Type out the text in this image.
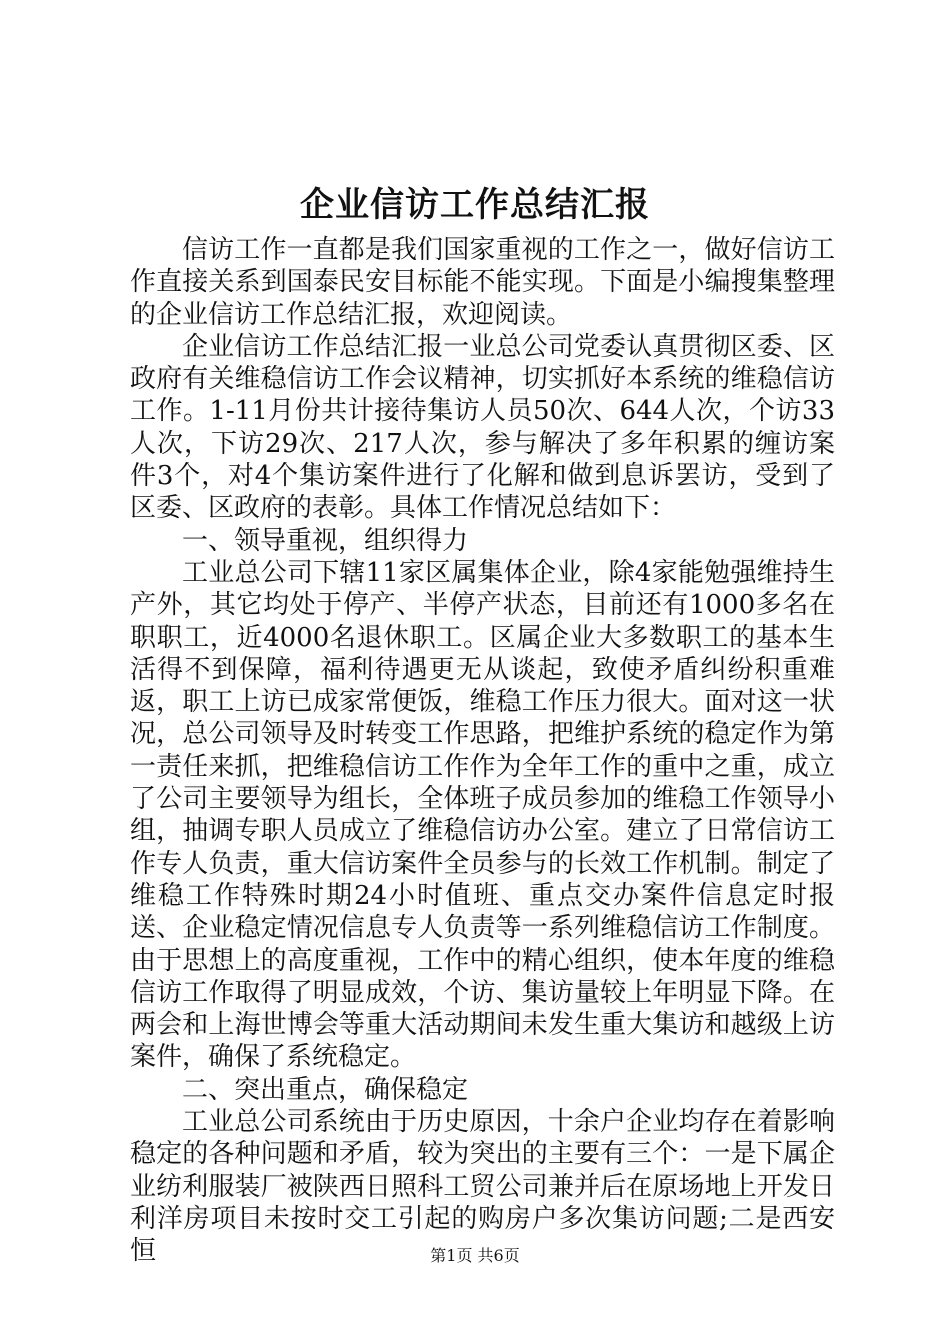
企业信访工作总结汇报

信访工作一直都是我们国家重视的工作之一，做好信访工作直接关系到国泰民安目标能不能实现。下面是小编搜集整理的企业信访工作总结汇报，欢迎阅读。

企业信访工作总结汇报一业总公司党委认真贯彻区委、区政府有关维稳信访工作会议精神，切实抓好本系统的维稳信访工作。1-11月份共计接待集访人员50次、644人次，个访33人次，下访29次、217人次，参与解决了多年积累的缠访案件3个，对4个集访案件进行了化解和做到息诉罢访，受到了区委、区政府的表彰。具体工作情况总结如下：

一、领导重视，组织得力

工业总公司下辖11家区属集体企业，除4家能勉强维持生产外，其它均处于停产、半停产状态，目前还有1000多名在职职工，近4000名退休职工。区属企业大多数职工的基本生活得不到保障，福利待遇更无从谈起，致使矛盾纠纷积重难返，职工上访已成家常便饭，维稳工作压力很大。面对这一状况，总公司领导及时转变工作思路，把维护系统的稳定作为第一责任来抓，把维稳信访工作作为全年工作的重中之重，成立了公司主要领导为组长，全体班子成员参加的维稳工作领导小组，抽调专职人员成立了维稳信访办公室。建立了日常信访工作专人负责，重大信访案件全员参与的长效工作机制。制定了维稳工作特殊时期24小时值班、重点交办案件信息定时报送、企业稳定情况信息专人负责等一系列维稳信访工作制度。由于思想上的高度重视，工作中的精心组织，使本年度的维稳信访工作取得了明显成效，个访、集访量较上年明显下降。在两会和上海世博会等重大活动期间未发生重大集访和越级上访案件，确保了系统稳定。

二、突出重点，确保稳定

工业总公司系统由于历史原因，十余户企业均存在着影响稳定的各种问题和矛盾，较为突出的主要有三个：一是下属企业纺利服装厂被陕西日照科工贸公司兼并后在原场地上开发日利洋房项目未按时交工引起的购房户多次集访问题;二是西安恒	第1页 共6页
